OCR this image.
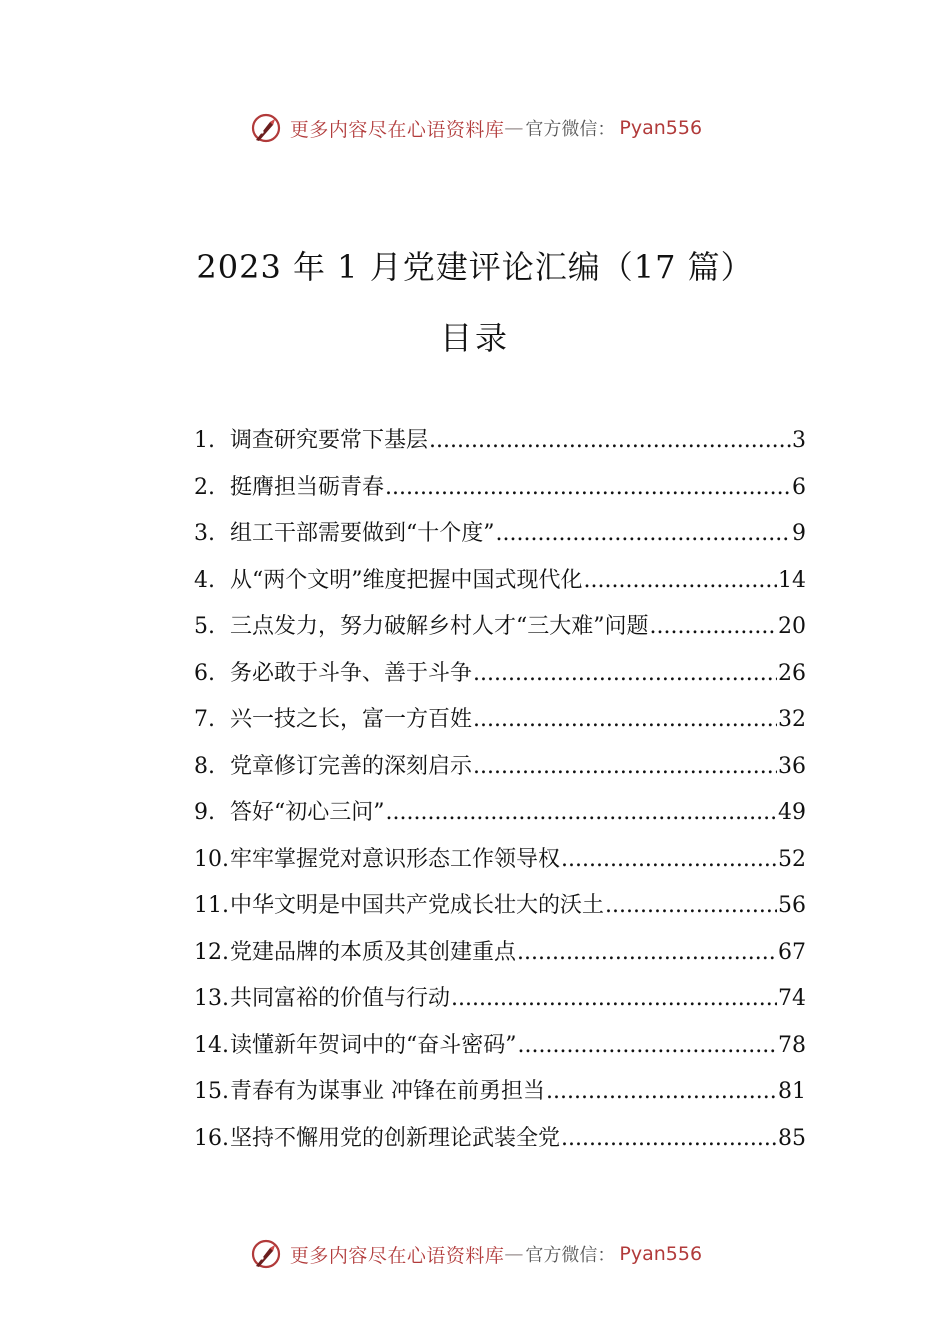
更多内容尽在心语资料库 — 官方微信： Pyan556
2023 年 1 月党建评论汇编（17 篇）
目录
1. 调查研究要常下基层 .....	3
2. 挺膺担当砺青春 .....	6
3. 组工干部需要做到“十个度” .....	9
4. 从“两个文明”维度把握中国式现代化 .....	14
5. 三点发力，努力破解乡村人才“三大难”问题 .....	20
6. 务必敢于斗争、善于斗争 .....	26
7. 兴一技之长，富一方百姓 .....	32
8. 党章修订完善的深刻启示 .....	36
9. 答好“初心三问” .....	49
10. 牢牢掌握党对意识形态工作领导权 .....	52
11. 中华文明是中国共产党成长壮大的沃土 .....	56
12. 党建品牌的本质及其创建重点 .....	67
13. 共同富裕的价值与行动 .....	74
14. 读懂新年贺词中的“奋斗密码” .....	78
15. 青春有为谋事业 冲锋在前勇担当 .....	81
16. 坚持不懈用党的创新理论武装全党 .....	85
更多内容尽在心语资料库 — 官方微信： Pyan556
